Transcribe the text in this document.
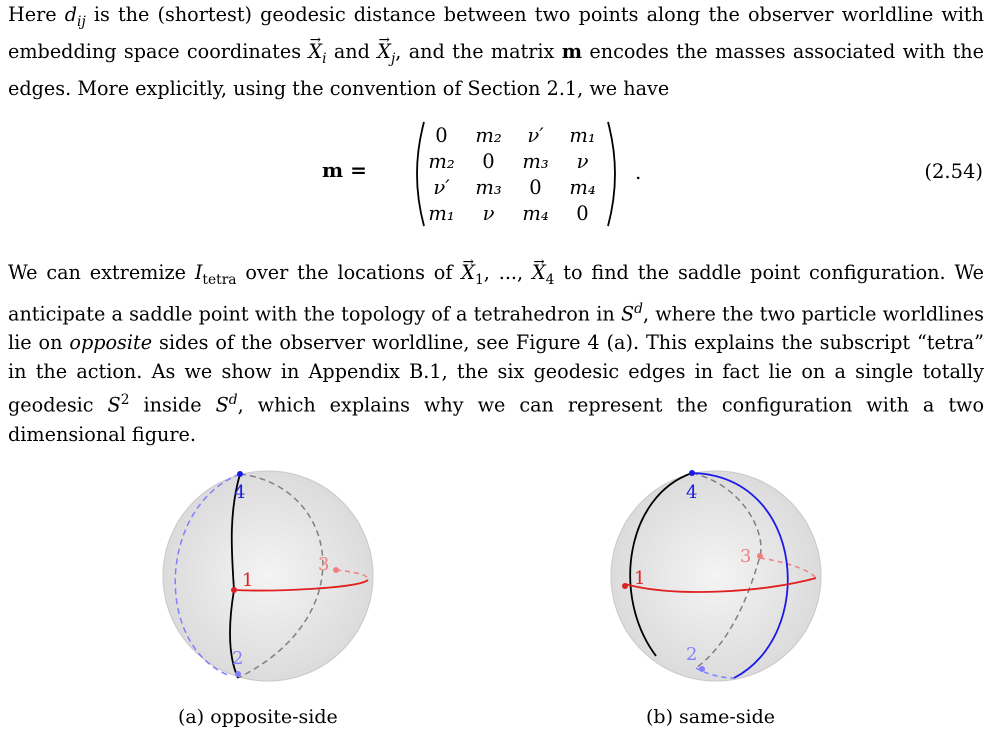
Here $d_{ij}$ is the (shortest) geodesic distance between two points along the observer worldline with embedding space coordinates → $X_i$ and → $X_j$, and the matrix m encodes the masses associated with the edges. More explicitly, using the convention of Section 2.1, we have

m =
0	m₂	ν′	m₁
m₂	0	m₃	ν
ν′	m₃	0	m₄
m₁	ν	m₄	0
.	(2.54)

We can extremize $I_{tetra}$ over the locations of → $X_1$, ..., → $X_4$ to find the saddle point configuration. We anticipate a saddle point with the topology of a tetrahedron in $S^d$, where the two particle worldlines lie on opposite sides of the observer worldline, see Figure 4 (a). This explains the subscript “tetra” in the action. As we show in Appendix B.1, the six geodesic edges in fact lie on a single totally geodesic $S^2$ inside $S^d$, which explains why we can represent the configuration with a two dimensional figure.

4
1
3
2
(a) opposite-side
4
1
3
2
(b) same-side
